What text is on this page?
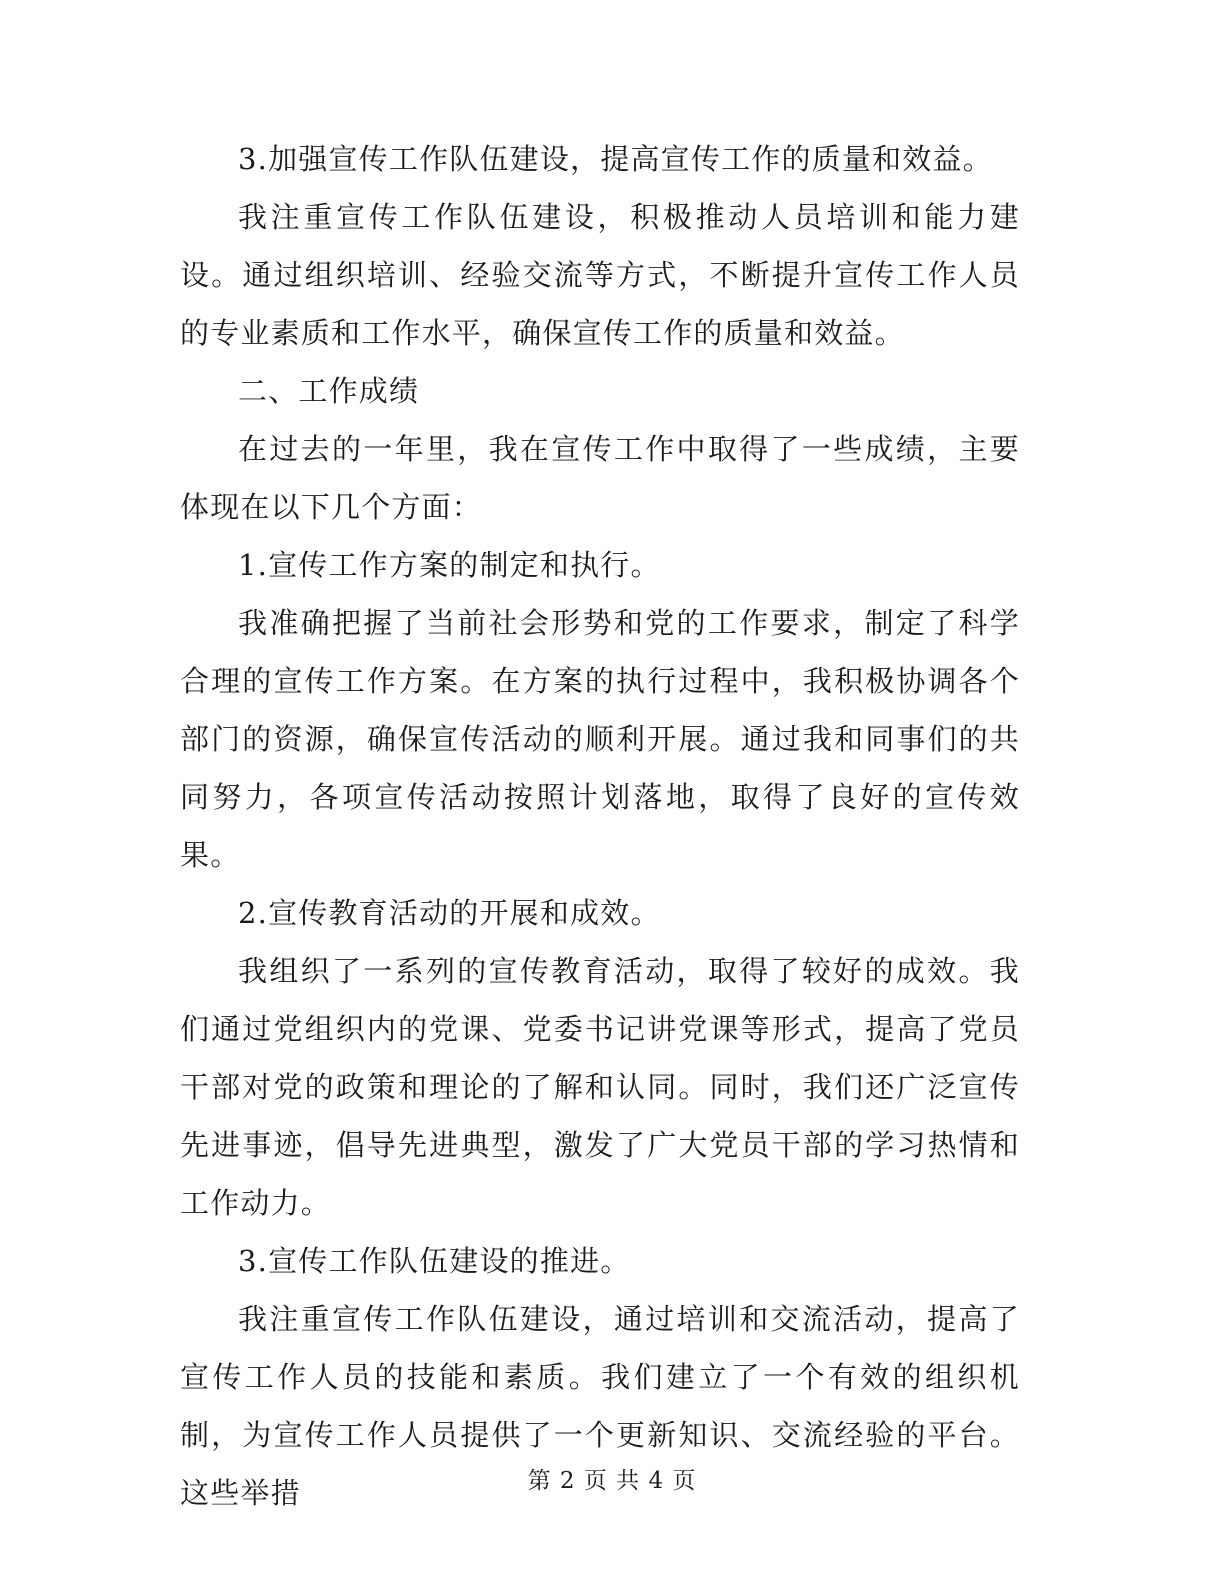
3.加强宣传工作队伍建设，提高宣传工作的质量和效益。

我注重宣传工作队伍建设，积极推动人员培训和能力建设。通过组织培训、经验交流等方式，不断提升宣传工作人员的专业素质和工作水平，确保宣传工作的质量和效益。

二、工作成绩

在过去的一年里，我在宣传工作中取得了一些成绩，主要体现在以下几个方面：

1.宣传工作方案的制定和执行。

我准确把握了当前社会形势和党的工作要求，制定了科学合理的宣传工作方案。在方案的执行过程中，我积极协调各个部门的资源，确保宣传活动的顺利开展。通过我和同事们的共同努力，各项宣传活动按照计划落地，取得了良好的宣传效果。

2.宣传教育活动的开展和成效。

我组织了一系列的宣传教育活动，取得了较好的成效。我们通过党组织内的党课、党委书记讲党课等形式，提高了党员干部对党的政策和理论的了解和认同。同时，我们还广泛宣传先进事迹，倡导先进典型，激发了广大党员干部的学习热情和工作动力。

3.宣传工作队伍建设的推进。

我注重宣传工作队伍建设，通过培训和交流活动，提高了宣传工作人员的技能和素质。我们建立了一个有效的组织机制，为宣传工作人员提供了一个更新知识、交流经验的平台。这些举措	第 2 页 共 4 页
